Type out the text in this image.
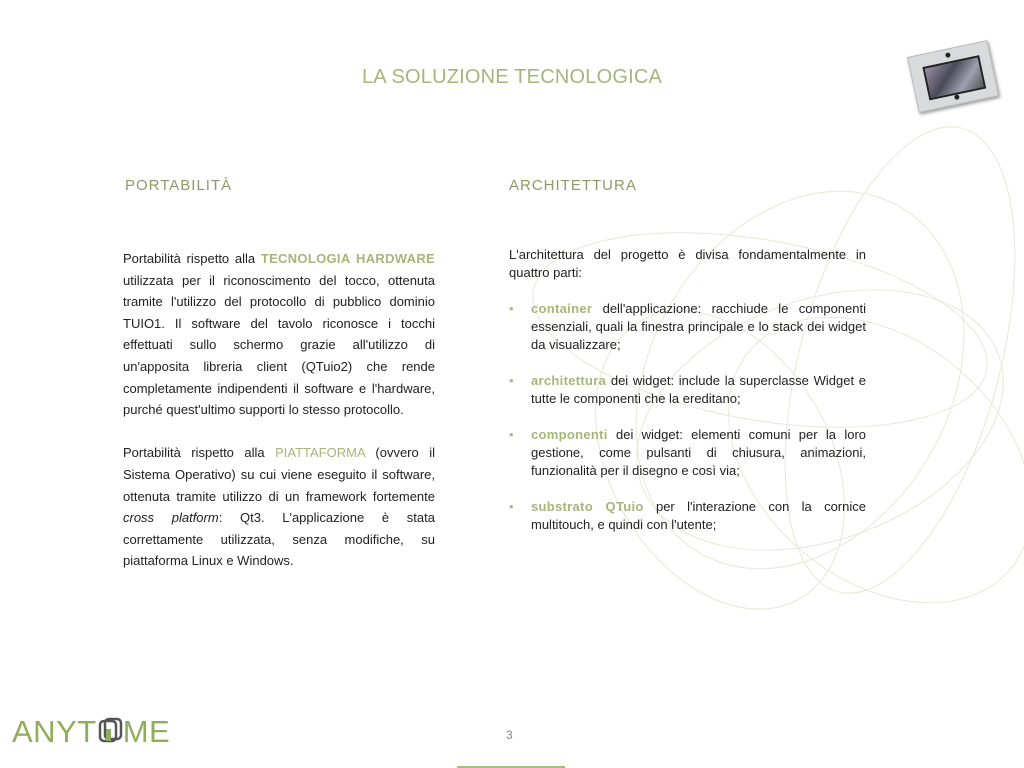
LA SOLUZIONE TECNOLOGICA
PORTABILITÀ	ARCHITETTURA

Portabilità rispetto alla TECNOLOGIA HARDWARE utilizzata per il riconoscimento del tocco, ottenuta tramite l'utilizzo del protocollo di pubblico dominio TUIO1. Il software del tavolo riconosce i tocchi effettuati sullo schermo grazie all'utilizzo di un'apposita libreria client (QTuio2) che rende completamente indipendenti il software e l'hardware, purché quest'ultimo supporti lo stesso protocollo.

Portabilità rispetto alla PIATTAFORMA (ovvero il Sistema Operativo) su cui viene eseguito il software, ottenuta tramite utilizzo di un framework fortemente cross platform: Qt3. L'applicazione è stata correttamente utilizzata, senza modifiche, su piattaforma Linux e Windows.

L'architettura del progetto è divisa fondamentalmente in quattro parti:

• container dell'applicazione: racchiude le componenti essenziali, quali la finestra principale e lo stack dei widget da visualizzare;
• architettura dei widget: include la superclasse Widget e tutte le componenti che la ereditano;
• componenti dei widget: elementi comuni per la loro gestione, come pulsanti di chiusura, animazioni, funzionalità per il disegno e così via;
• substrato QTuio per l'interazione con la cornice multitouch, e quindi con l'utente;
ANYT ME	3
